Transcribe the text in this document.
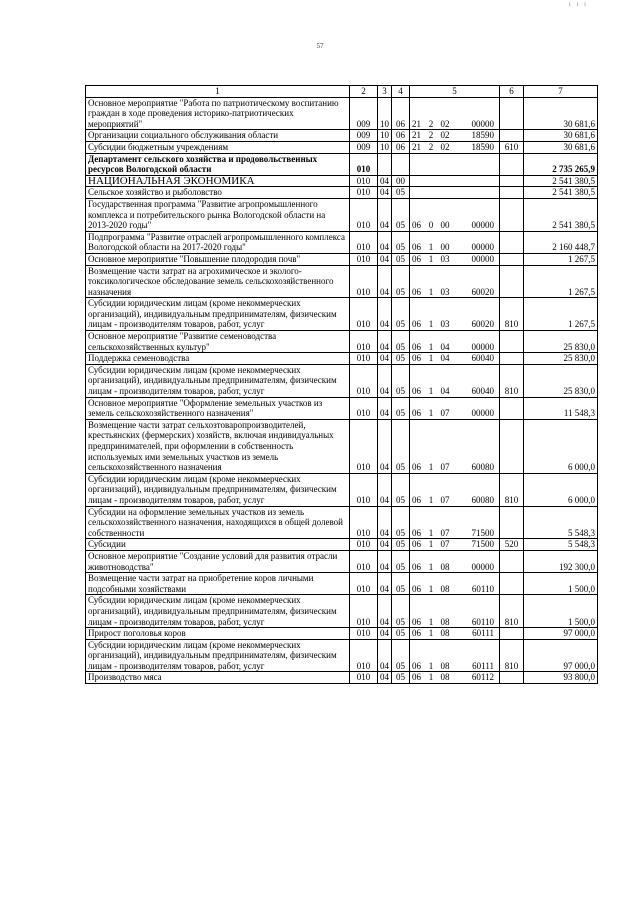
ι ι ι
57
1	2	3	4	5	6	7
Основное мероприятие "Работа по патриотическому воспитанию граждан в ходе проведения историко-патриотических мероприятий"	009	10	06	21 2 02 00000		30 681,6
Организации социального обслуживания области	009	10	06	21 2 02 18590		30 681,6
Субсидии бюджетным учреждениям	009	10	06	21 2 02 18590	610	30 681,6
Департамент сельского хозяйства и продовольственных ресурсов Вологодской области	010					2 735 265,9
НАЦИОНАЛЬНАЯ ЭКОНОМИКА	010	04	00			2 541 380,5
Сельское хозяйство и рыболовство	010	04	05			2 541 380,5
Государственная программа "Развитие агропромышленного комплекса и потребительского рынка Вологодской области на 2013-2020 годы"	010	04	05	06 0 00 00000		2 541 380,5
Подпрограмма "Развитие отраслей агропромышленного комплекса Вологодской области на 2017-2020 годы"	010	04	05	06 1 00 00000		2 160 448,7
Основное мероприятие "Повышение плодородия почв"	010	04	05	06 1 03 00000		1 267,5
Возмещение части затрат на агрохимическое и эколого-токсикологическое обследование земель сельскохозяйственного назначения	010	04	05	06 1 03 60020		1 267,5
Субсидии юридическим лицам (кроме некоммерческих организаций), индивидуальным предпринимателям, физическим лицам - производителям товаров, работ, услуг	010	04	05	06 1 03 60020	810	1 267,5
Основное мероприятие "Развитие семеноводства сельскохозяйственных культур"	010	04	05	06 1 04 00000		25 830,0
Поддержка семеноводства	010	04	05	06 1 04 60040		25 830,0
Субсидии юридическим лицам (кроме некоммерческих организаций), индивидуальным предпринимателям, физическим лицам - производителям товаров, работ, услуг	010	04	05	06 1 04 60040	810	25 830,0
Основное мероприятие "Оформление земельных участков из земель сельскохозяйственного назначения"	010	04	05	06 1 07 00000		11 548,3
Возмещение части затрат сельхозтоваропроизводителей, крестьянских (фермерских) хозяйств, включая индивидуальных предпринимателей, при оформлении в собственность используемых ими земельных участков из земель сельскохозяйственного назначения	010	04	05	06 1 07 60080		6 000,0
Субсидии юридическим лицам (кроме некоммерческих организаций), индивидуальным предпринимателям, физическим лицам - производителям товаров, работ, услуг	010	04	05	06 1 07 60080	810	6 000,0
Субсидии на оформление земельных участков из земель сельскохозяйственного назначения, находящихся в общей долевой собственности	010	04	05	06 1 07 71500		5 548,3
Субсидии	010	04	05	06 1 07 71500	520	5 548,3
Основное мероприятие "Создание условий для развития отрасли животноводства"	010	04	05	06 1 08 00000		192 300,0
Возмещение части затрат на приобретение коров личными подсобными хозяйствами	010	04	05	06 1 08 60110		1 500,0
Субсидии юридическим лицам (кроме некоммерческих организаций), индивидуальным предпринимателям, физическим лицам - производителям товаров, работ, услуг	010	04	05	06 1 08 60110	810	1 500,0
Прирост поголовья коров	010	04	05	06 1 08 60111		97 000,0
Субсидии юридическим лицам (кроме некоммерческих организаций), индивидуальным предпринимателям, физическим лицам - производителям товаров, работ, услуг	010	04	05	06 1 08 60111	810	97 000,0
Производство мяса	010	04	05	06 1 08 60112		93 800,0
